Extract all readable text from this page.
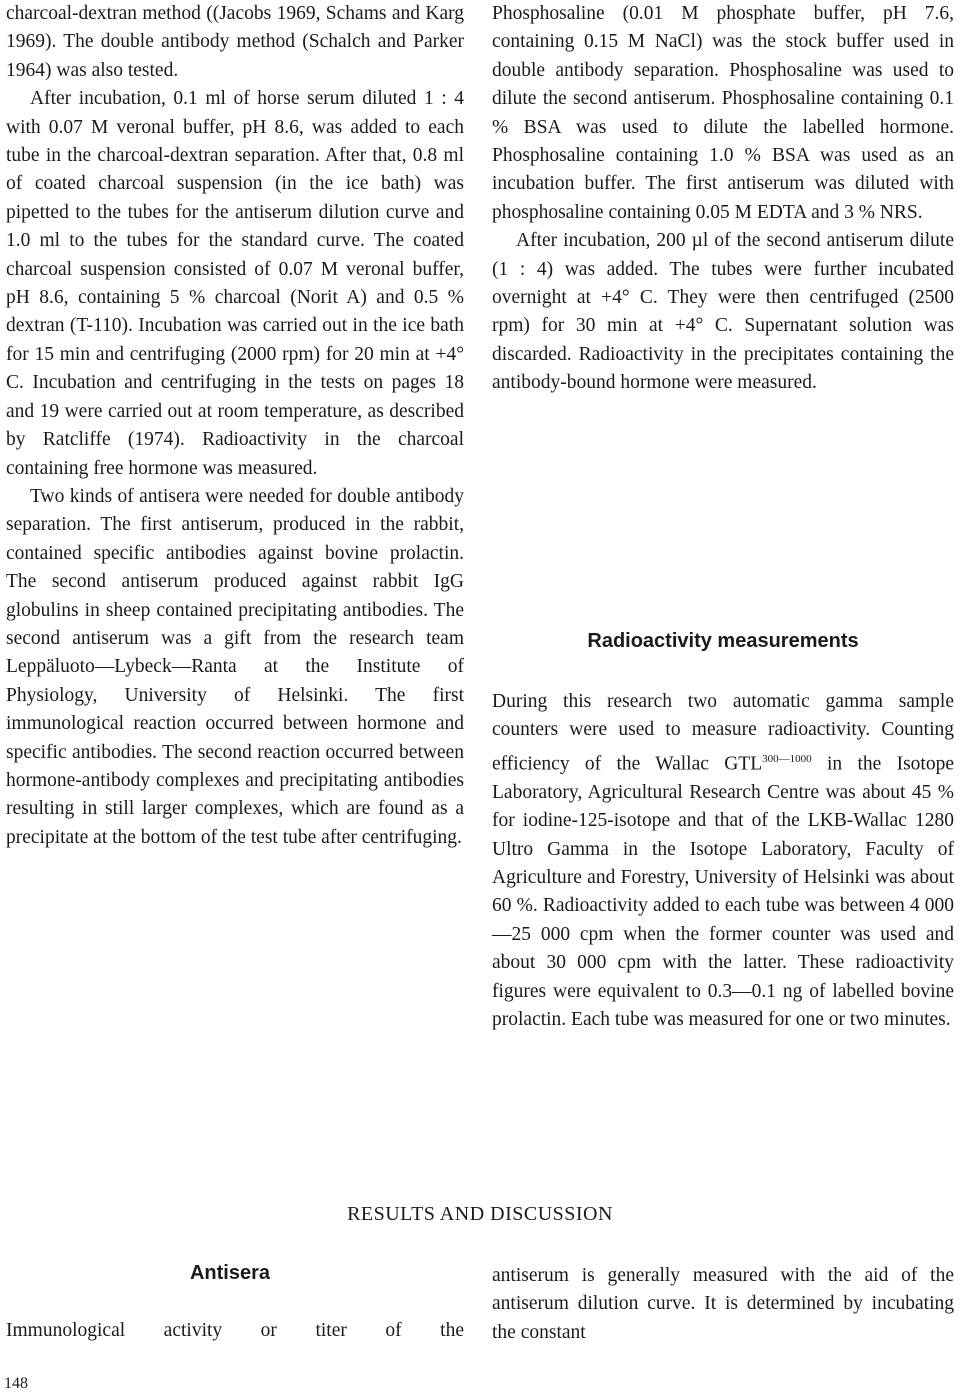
charcoal-dextran method ((Jacobs 1969, Schams and Karg 1969). The double antibody method (Schalch and Parker 1964) was also tested.

After incubation, 0.1 ml of horse serum diluted 1 : 4 with 0.07 M veronal buffer, pH 8.6, was added to each tube in the charcoal-dextran separation. After that, 0.8 ml of coated charcoal suspension (in the ice bath) was pipetted to the tubes for the antiserum dilution curve and 1.0 ml to the tubes for the standard curve. The coated charcoal suspension consisted of 0.07 M veronal buffer, pH 8.6, containing 5 % charcoal (Norit A) and 0.5 % dextran (T-110). Incubation was carried out in the ice bath for 15 min and centrifuging (2000 rpm) for 20 min at +4° C. Incubation and centrifuging in the tests on pages 18 and 19 were carried out at room temperature, as described by Ratcliffe (1974). Radioactivity in the charcoal containing free hormone was measured.

Two kinds of antisera were needed for double antibody separation. The first antiserum, produced in the rabbit, contained specific antibodies against bovine prolactin. The second antiserum produced against rabbit IgG globulins in sheep contained precipitating antibodies. The second antiserum was a gift from the research team Leppäluoto—Lybeck—Ranta at the Institute of Physiology, University of Helsinki. The first immunological reaction occurred between hormone and specific antibodies. The second reaction occurred between hormone-antibody complexes and precipitating antibodies resulting in still larger complexes, which are found as a precipitate at the bottom of the test tube after centrifuging.

Phosphosaline (0.01 M phosphate buffer, pH 7.6, containing 0.15 M NaCl) was the stock buffer used in double antibody separation. Phosphosaline was used to dilute the second antiserum. Phosphosaline containing 0.1 % BSA was used to dilute the labelled hormone. Phosphosaline containing 1.0 % BSA was used as an incubation buffer. The first antiserum was diluted with phosphosaline containing 0.05 M EDTA and 3 % NRS.

After incubation, 200 µl of the second antiserum dilute (1 : 4) was added. The tubes were further incubated overnight at +4° C. They were then centrifuged (2500 rpm) for 30 min at +4° C. Supernatant solution was discarded. Radioactivity in the precipitates containing the antibody-bound hormone were measured.

Radioactivity measurements

During this research two automatic gamma sample counters were used to measure radioactivity. Counting efficiency of the Wallac $GTL^{300—1000}$ in the Isotope Laboratory, Agricultural Research Centre was about 45 % for iodine-125-isotope and that of the LKB-Wallac 1280 Ultro Gamma in the Isotope Laboratory, Faculty of Agriculture and Forestry, University of Helsinki was about 60 %. Radioactivity added to each tube was between 4 000—25 000 cpm when the former counter was used and about 30 000 cpm with the latter. These radioactivity figures were equivalent to 0.3—0.1 ng of labelled bovine prolactin. Each tube was measured for one or two minutes.

RESULTS AND DISCUSSION
Antisera
Immunological activity or titer of the
antiserum is generally measured with the aid of the antiserum dilution curve. It is determined by incubating the constant
148
